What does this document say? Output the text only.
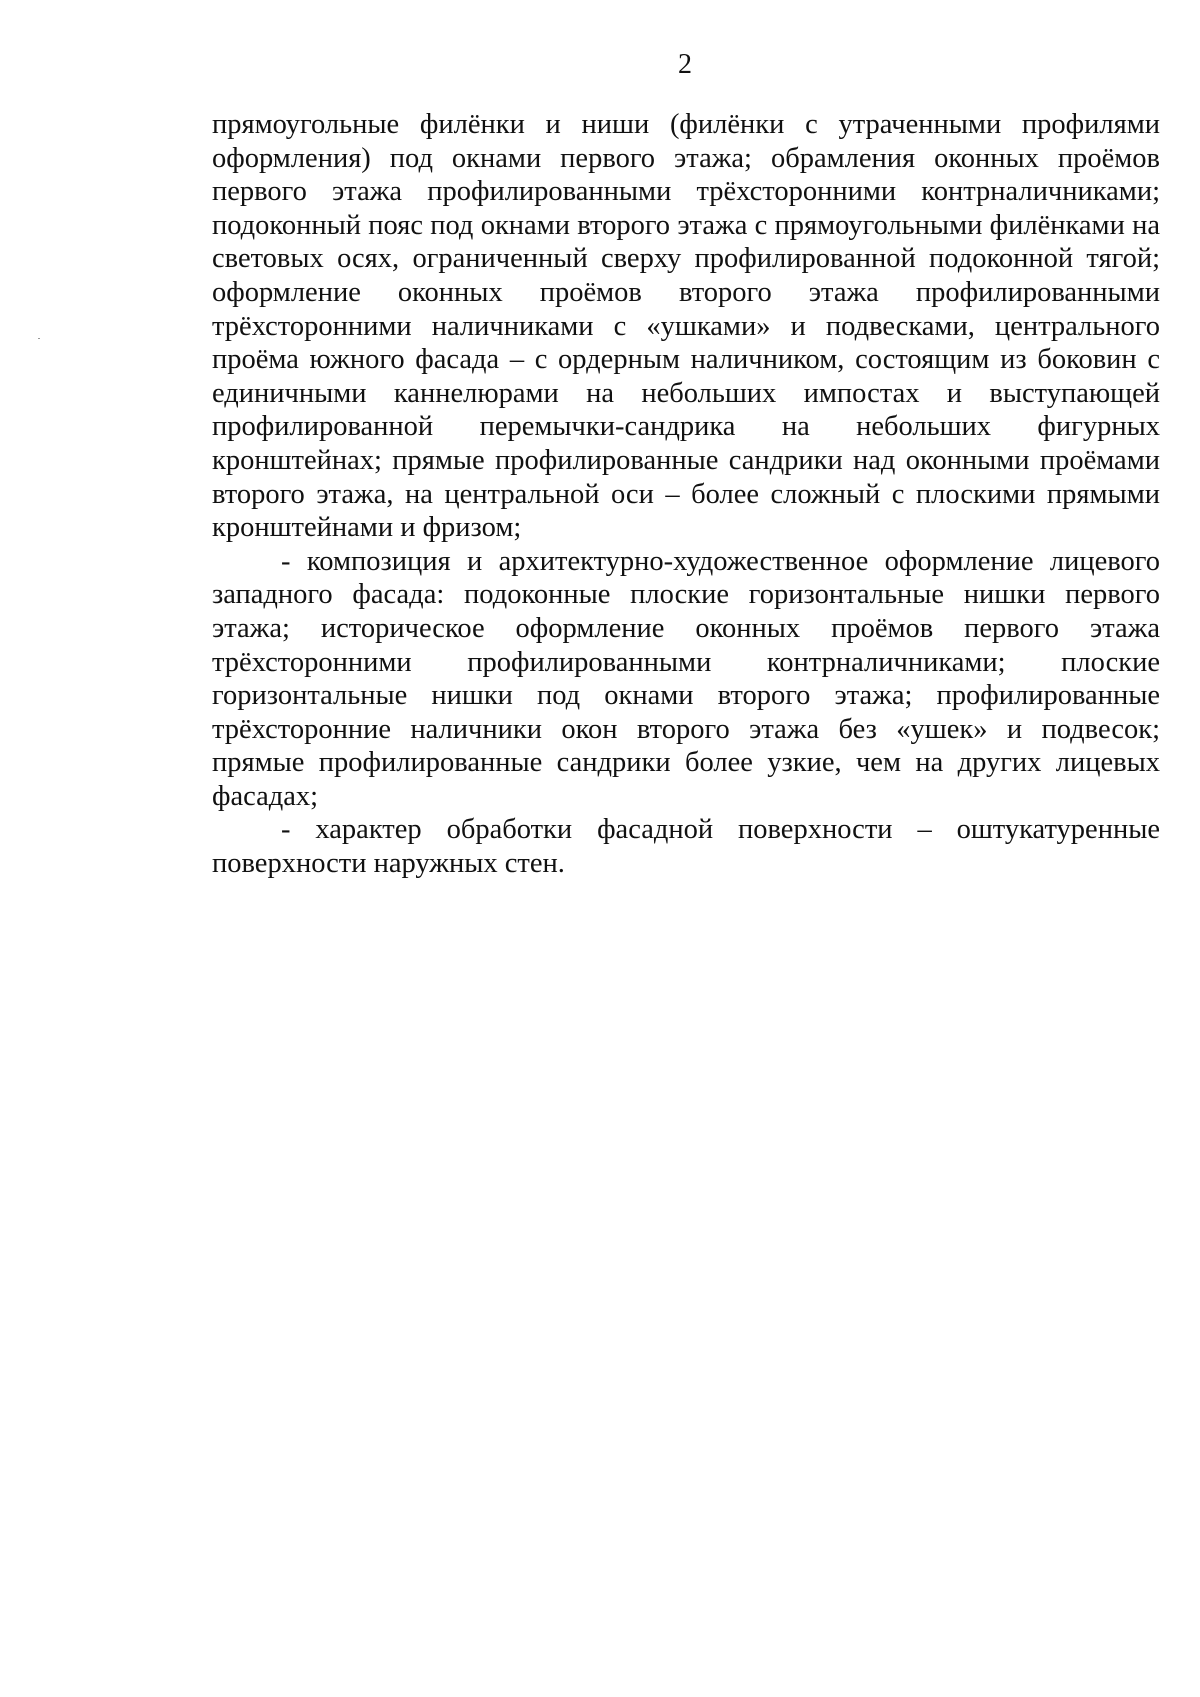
2

прямоугольные филёнки и ниши (филёнки с утраченными профилями оформления) под окнами первого этажа; обрамления оконных проёмов первого этажа профилированными трёхсторонними контрналичниками; подоконный пояс под окнами второго этажа с прямоугольными филёнками на световых осях, ограниченный сверху профилированной подоконной тягой; оформление оконных проёмов второго этажа профилированными трёхсторонними наличниками с «ушками» и подвесками, центрального проёма южного фасада – с ордерным наличником, состоящим из боковин с единичными каннелюрами на небольших импостах и выступающей профилированной перемычки-сандрика на небольших фигурных кронштейнах; прямые профилированные сандрики над оконными проёмами второго этажа, на центральной оси – более сложный с плоскими прямыми кронштейнами и фризом;

- композиция и архитектурно-художественное оформление лицевого западного фасада: подоконные плоские горизонтальные нишки первого этажа; историческое оформление оконных проёмов первого этажа трёхсторонними профилированными контрналичниками; плоские горизонтальные нишки под окнами второго этажа; профилированные трёхсторонние наличники окон второго этажа без «ушек» и подвесок; прямые профилированные сандрики более узкие, чем на других лицевых фасадах;

- характер обработки фасадной поверхности – оштукатуренные поверхности наружных стен.
